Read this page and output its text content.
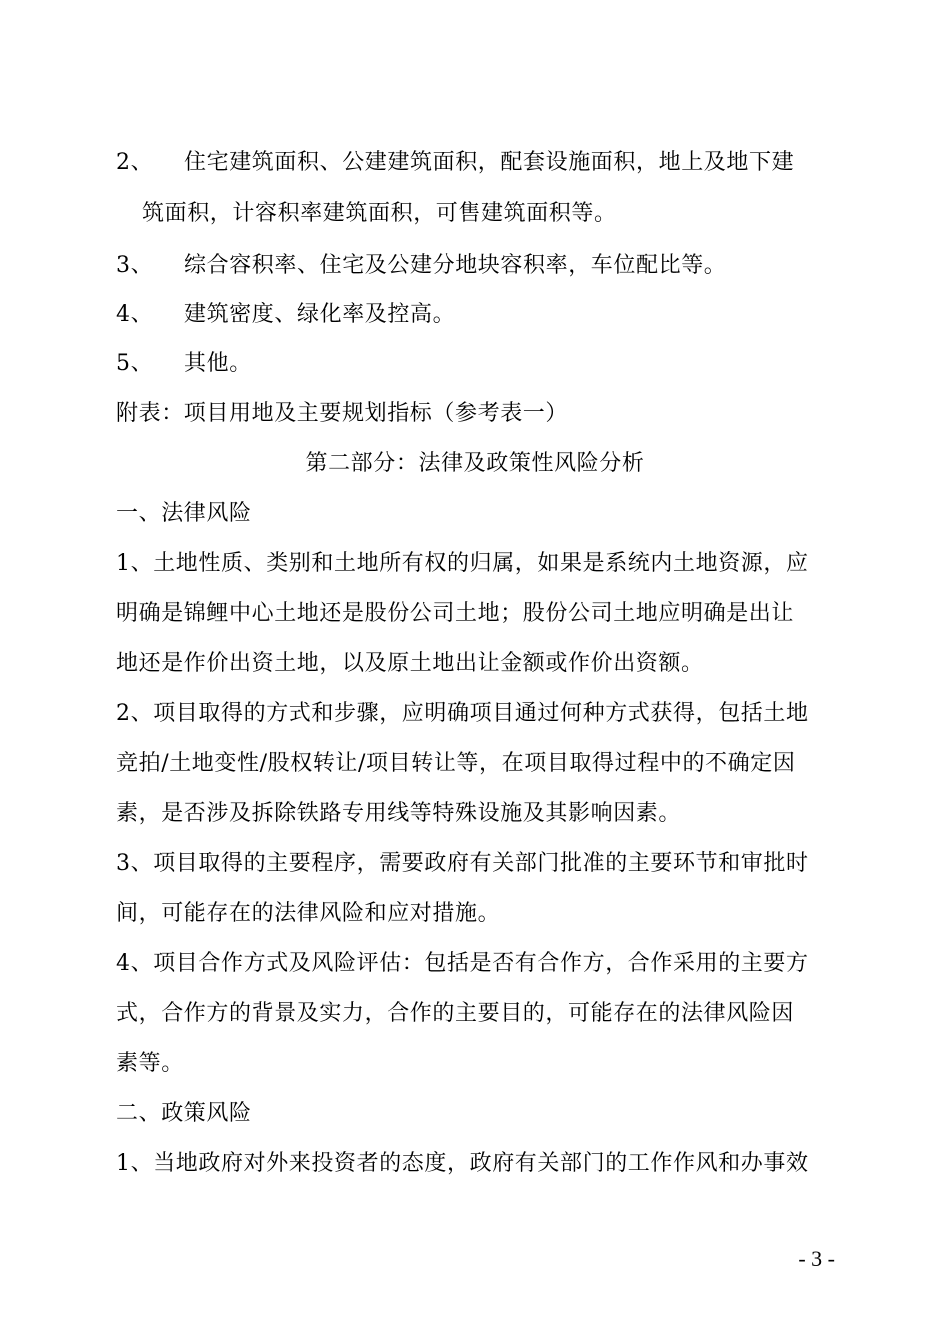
2、 住宅建筑面积、公建建筑面积，配套设施面积，地上及地下建
筑面积，计容积率建筑面积，可售建筑面积等。
3、 综合容积率、住宅及公建分地块容积率，车位配比等。
4、 建筑密度、绿化率及控高。
5、 其他。
附表：项目用地及主要规划指标（参考表一）
第二部分：法律及政策性风险分析
一、法律风险
1、土地性质、类别和土地所有权的归属，如果是系统内土地资源，应
明确是锦鲤中心土地还是股份公司土地；股份公司土地应明确是出让
地还是作价出资土地，以及原土地出让金额或作价出资额。
2、项目取得的方式和步骤，应明确项目通过何种方式获得，包括土地
竞拍/土地变性/股权转让/项目转让等，在项目取得过程中的不确定因
素，是否涉及拆除铁路专用线等特殊设施及其影响因素。
3、项目取得的主要程序，需要政府有关部门批准的主要环节和审批时
间，可能存在的法律风险和应对措施。
4、项目合作方式及风险评估：包括是否有合作方，合作采用的主要方
式，合作方的背景及实力，合作的主要目的，可能存在的法律风险因
素等。
二、政策风险
1、当地政府对外来投资者的态度，政府有关部门的工作作风和办事效
- 3 -
